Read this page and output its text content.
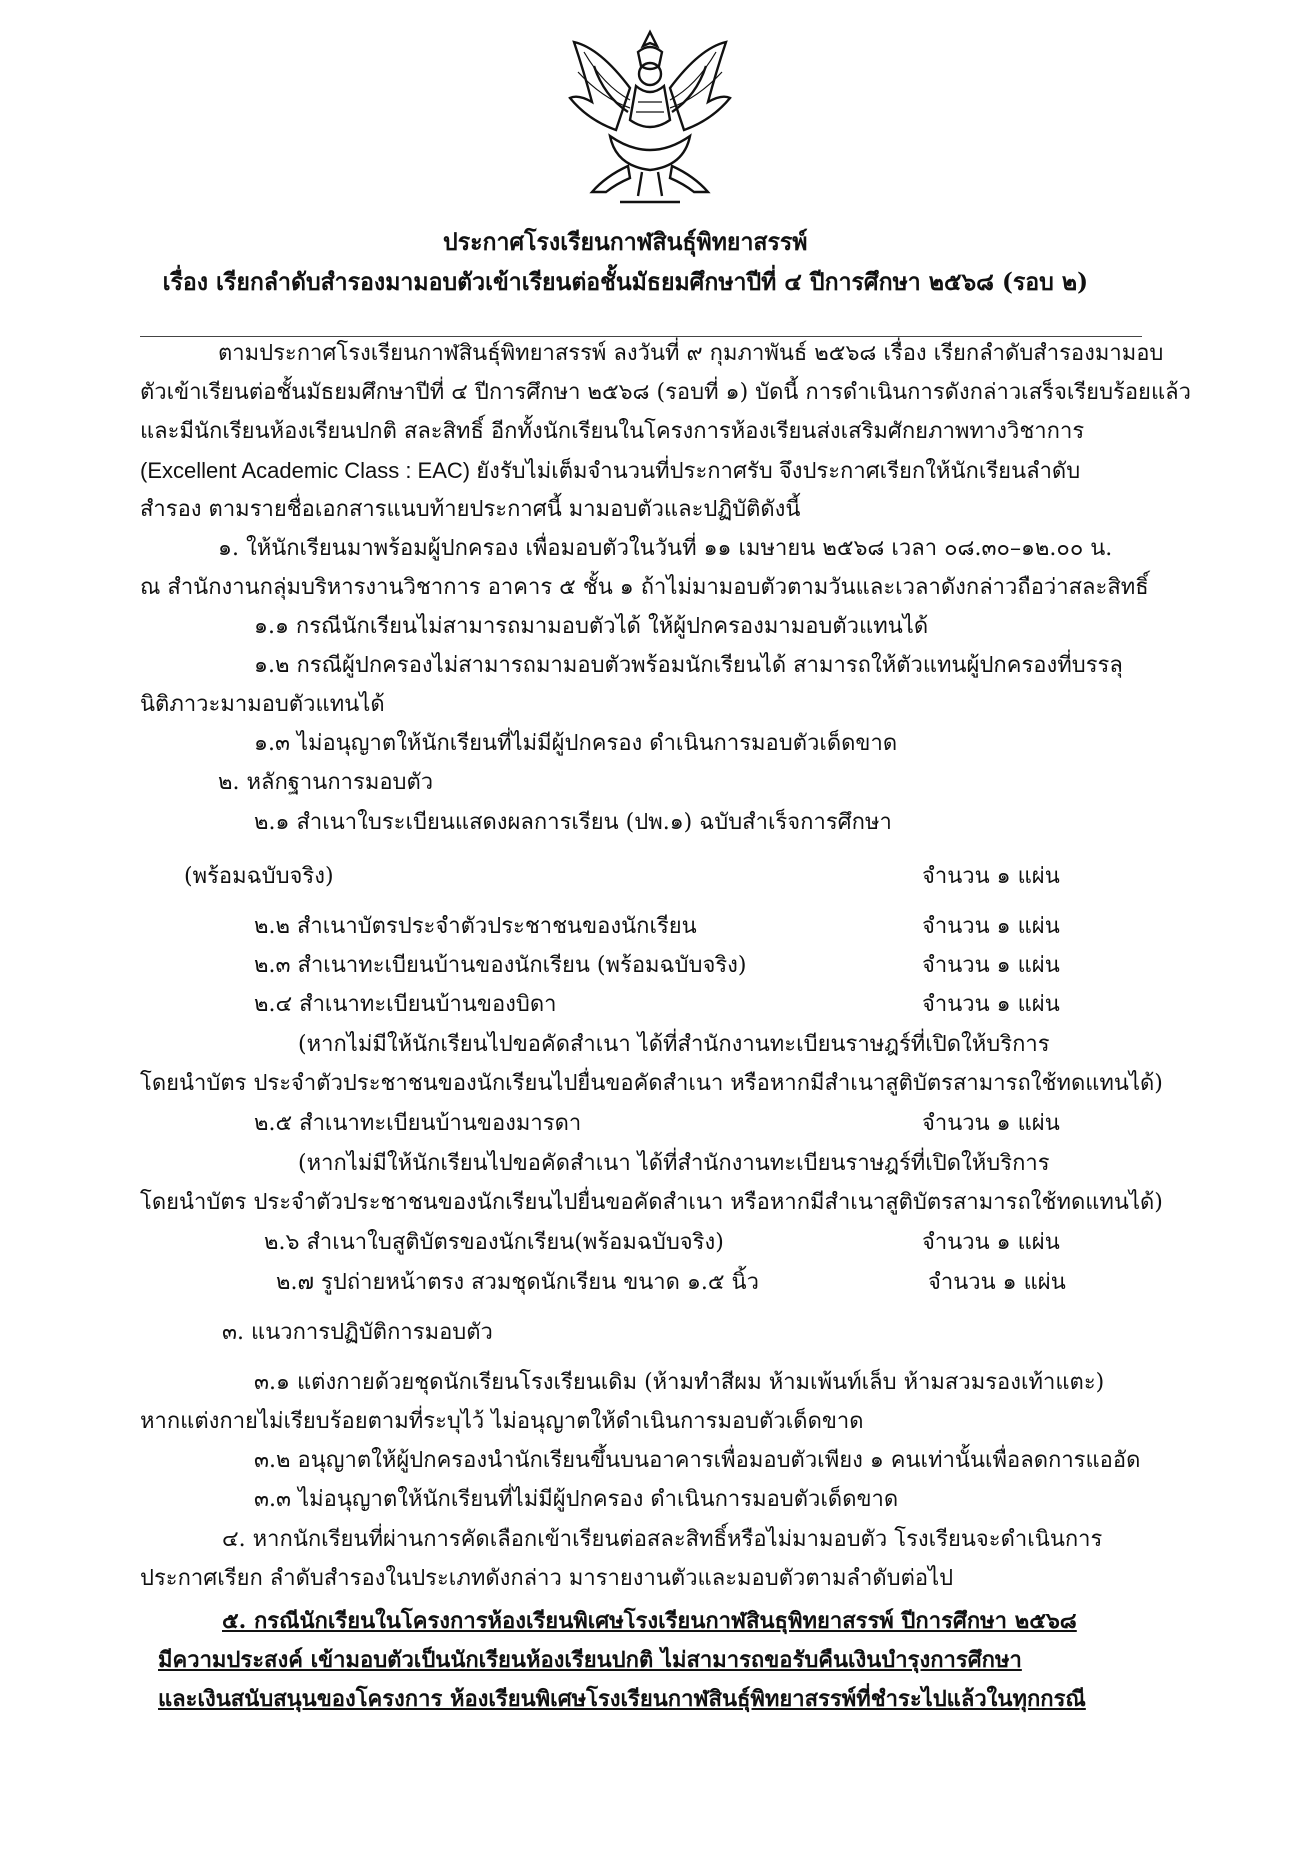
ประกาศโรงเรียนกาฬสินธุ์พิทยาสรรพ์
เรื่อง เรียกลำดับสำรองมามอบตัวเข้าเรียนต่อชั้นมัธยมศึกษาปีที่ ๔ ปีการศึกษา ๒๕๖๘ (รอบ ๒)
ตามประกาศโรงเรียนกาฬสินธุ์พิทยาสรรพ์ ลงวันที่ ๙ กุมภาพันธ์ ๒๕๖๘ เรื่อง เรียกลำดับสำรองมามอบ
ตัวเข้าเรียนต่อชั้นมัธยมศึกษาปีที่ ๔ ปีการศึกษา ๒๕๖๘ (รอบที่ ๑) บัดนี้ การดำเนินการดังกล่าวเสร็จเรียบร้อยแล้ว
และมีนักเรียนห้องเรียนปกติ สละสิทธิ์ อีกทั้งนักเรียนในโครงการห้องเรียนส่งเสริมศักยภาพทางวิชาการ
(Excellent Academic Class : EAC) ยังรับไม่เต็มจำนวนที่ประกาศรับ จึงประกาศเรียกให้นักเรียนลำดับ
สำรอง ตามรายชื่อเอกสารแนบท้ายประกาศนี้ มามอบตัวและปฏิบัติดังนี้
๑. ให้นักเรียนมาพร้อมผู้ปกครอง เพื่อมอบตัวในวันที่ ๑๑ เมษายน ๒๕๖๘ เวลา ๐๘.๓๐–๑๒.๐๐ น.
ณ สำนักงานกลุ่มบริหารงานวิชาการ อาคาร ๕ ชั้น ๑ ถ้าไม่มามอบตัวตามวันและเวลาดังกล่าวถือว่าสละสิทธิ์
๑.๑ กรณีนักเรียนไม่สามารถมามอบตัวได้ ให้ผู้ปกครองมามอบตัวแทนได้
๑.๒ กรณีผู้ปกครองไม่สามารถมามอบตัวพร้อมนักเรียนได้ สามารถให้ตัวแทนผู้ปกครองที่บรรลุ
นิติภาวะมามอบตัวแทนได้
๑.๓ ไม่อนุญาตให้นักเรียนที่ไม่มีผู้ปกครอง ดำเนินการมอบตัวเด็ดขาด
๒. หลักฐานการมอบตัว
๒.๑ สำเนาใบระเบียนแสดงผลการเรียน (ปพ.๑) ฉบับสำเร็จการศึกษา
(พร้อมฉบับจริง)	จำนวน ๑ แผ่น
๒.๒ สำเนาบัตรประจำตัวประชาชนของนักเรียน	จำนวน ๑ แผ่น
๒.๓ สำเนาทะเบียนบ้านของนักเรียน (พร้อมฉบับจริง)	จำนวน ๑ แผ่น
๒.๔ สำเนาทะเบียนบ้านของบิดา	จำนวน ๑ แผ่น
(หากไม่มีให้นักเรียนไปขอคัดสำเนา ได้ที่สำนักงานทะเบียนราษฎร์ที่เปิดให้บริการ
โดยนำบัตร ประจำตัวประชาชนของนักเรียนไปยื่นขอคัดสำเนา หรือหากมีสำเนาสูติบัตรสามารถใช้ทดแทนได้)
๒.๕ สำเนาทะเบียนบ้านของมารดา	จำนวน ๑ แผ่น
(หากไม่มีให้นักเรียนไปขอคัดสำเนา ได้ที่สำนักงานทะเบียนราษฎร์ที่เปิดให้บริการ
โดยนำบัตร ประจำตัวประชาชนของนักเรียนไปยื่นขอคัดสำเนา หรือหากมีสำเนาสูติบัตรสามารถใช้ทดแทนได้)
๒.๖ สำเนาใบสูติบัตรของนักเรียน(พร้อมฉบับจริง)	จำนวน ๑ แผ่น
๒.๗ รูปถ่ายหน้าตรง สวมชุดนักเรียน ขนาด ๑.๕ นิ้ว	จำนวน ๑ แผ่น
๓. แนวการปฏิบัติการมอบตัว
๓.๑ แต่งกายด้วยชุดนักเรียนโรงเรียนเดิม (ห้ามทำสีผม ห้ามเพ้นท์เล็บ ห้ามสวมรองเท้าแตะ)
หากแต่งกายไม่เรียบร้อยตามที่ระบุไว้ ไม่อนุญาตให้ดำเนินการมอบตัวเด็ดขาด
๓.๒ อนุญาตให้ผู้ปกครองนำนักเรียนขึ้นบนอาคารเพื่อมอบตัวเพียง ๑ คนเท่านั้นเพื่อลดการแออัด
๓.๓ ไม่อนุญาตให้นักเรียนที่ไม่มีผู้ปกครอง ดำเนินการมอบตัวเด็ดขาด
๔. หากนักเรียนที่ผ่านการคัดเลือกเข้าเรียนต่อสละสิทธิ์หรือไม่มามอบตัว โรงเรียนจะดำเนินการ
ประกาศเรียก ลำดับสำรองในประเภทดังกล่าว มารายงานตัวและมอบตัวตามลำดับต่อไป
๕. กรณีนักเรียนในโครงการห้องเรียนพิเศษโรงเรียนกาฬสินธุพิทยาสรรพ์ ปีการศึกษา ๒๕๖๘
มีความประสงค์ เข้ามอบตัวเป็นนักเรียนห้องเรียนปกติ ไม่สามารถขอรับคืนเงินบำรุงการศึกษา
และเงินสนับสนุนของโครงการ ห้องเรียนพิเศษโรงเรียนกาฬสินธุ์พิทยาสรรพ์ที่ชำระไปแล้วในทุกกรณี
